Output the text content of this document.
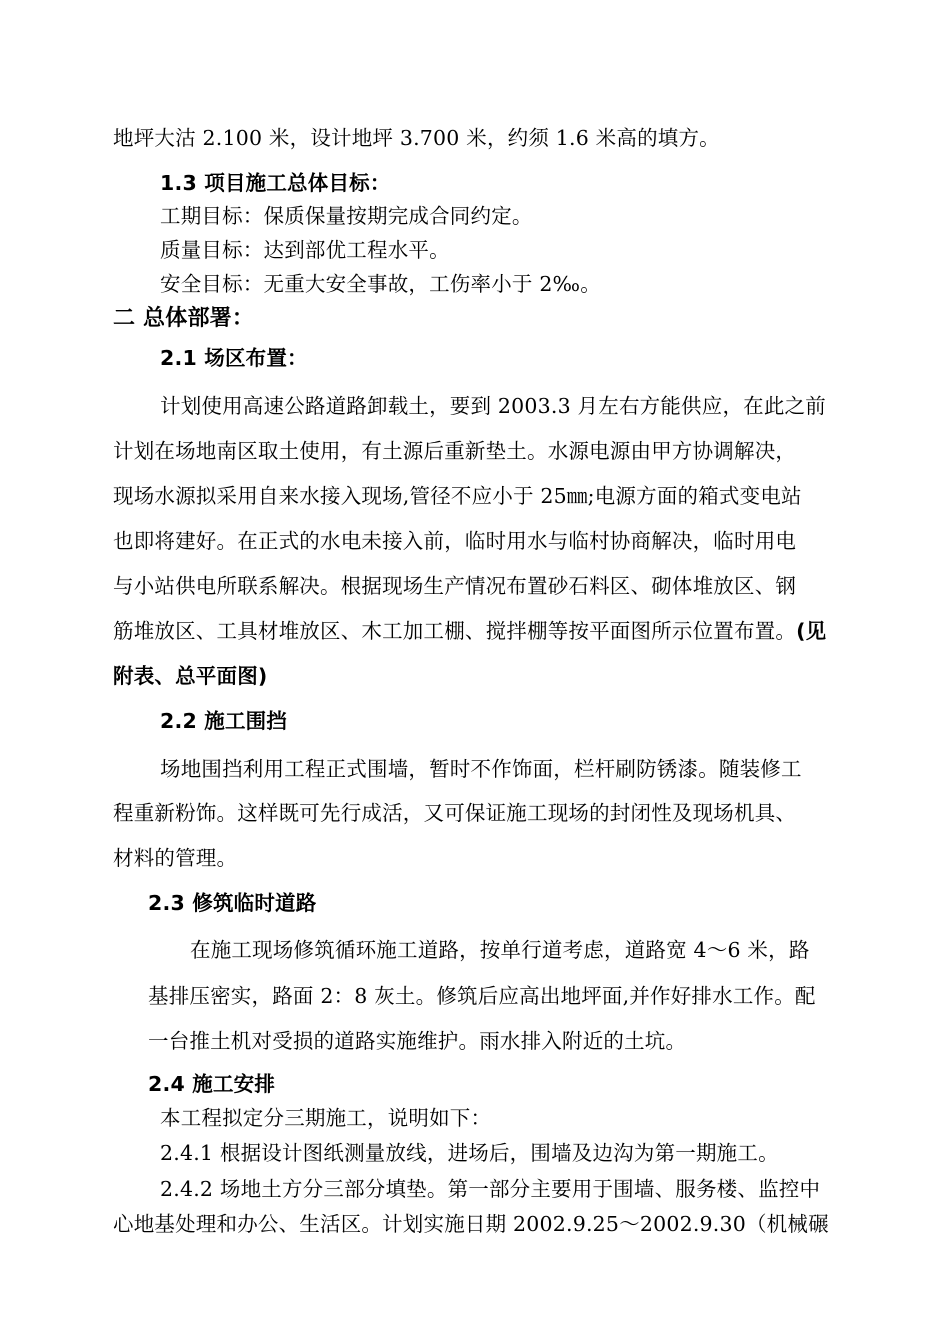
地坪大沽 2.100 米，设计地坪 3.700 米，约须 1.6 米高的填方。
1.3 项目施工总体目标：
工期目标：保质保量按期完成合同约定。
质量目标：达到部优工程水平。
安全目标：无重大安全事故，工伤率小于 2‰。
二 总体部署：
2.1 场区布置：
计划使用高速公路道路卸载土，要到 2003.3 月左右方能供应，在此之前
计划在场地南区取土使用，有土源后重新垫土。水源电源由甲方协调解决，
现场水源拟采用自来水接入现场,管径不应小于 25㎜;电源方面的箱式变电站
也即将建好。在正式的水电未接入前，临时用水与临村协商解决，临时用电
与小站供电所联系解决。根据现场生产情况布置砂石料区、砌体堆放区、钢
筋堆放区、工具材堆放区、木工加工棚、搅拌棚等按平面图所示位置布置。(见
附表、总平面图)
2.2 施工围挡
场地围挡利用工程正式围墙，暂时不作饰面，栏杆刷防锈漆。随装修工
程重新粉饰。这样既可先行成活，又可保证施工现场的封闭性及现场机具、
材料的管理。
2.3 修筑临时道路
在施工现场修筑循环施工道路，按单行道考虑，道路宽 4～6 米，路
基排压密实，路面 2：8 灰土。修筑后应高出地坪面,并作好排水工作。配
一台推土机对受损的道路实施维护。雨水排入附近的土坑。
2.4 施工安排
本工程拟定分三期施工，说明如下：
2.4.1 根据设计图纸测量放线，进场后，围墙及边沟为第一期施工。
2.4.2 场地土方分三部分填垫。第一部分主要用于围墙、服务楼、监控中
心地基处理和办公、生活区。计划实施日期 2002.9.25～2002.9.30（机械碾
